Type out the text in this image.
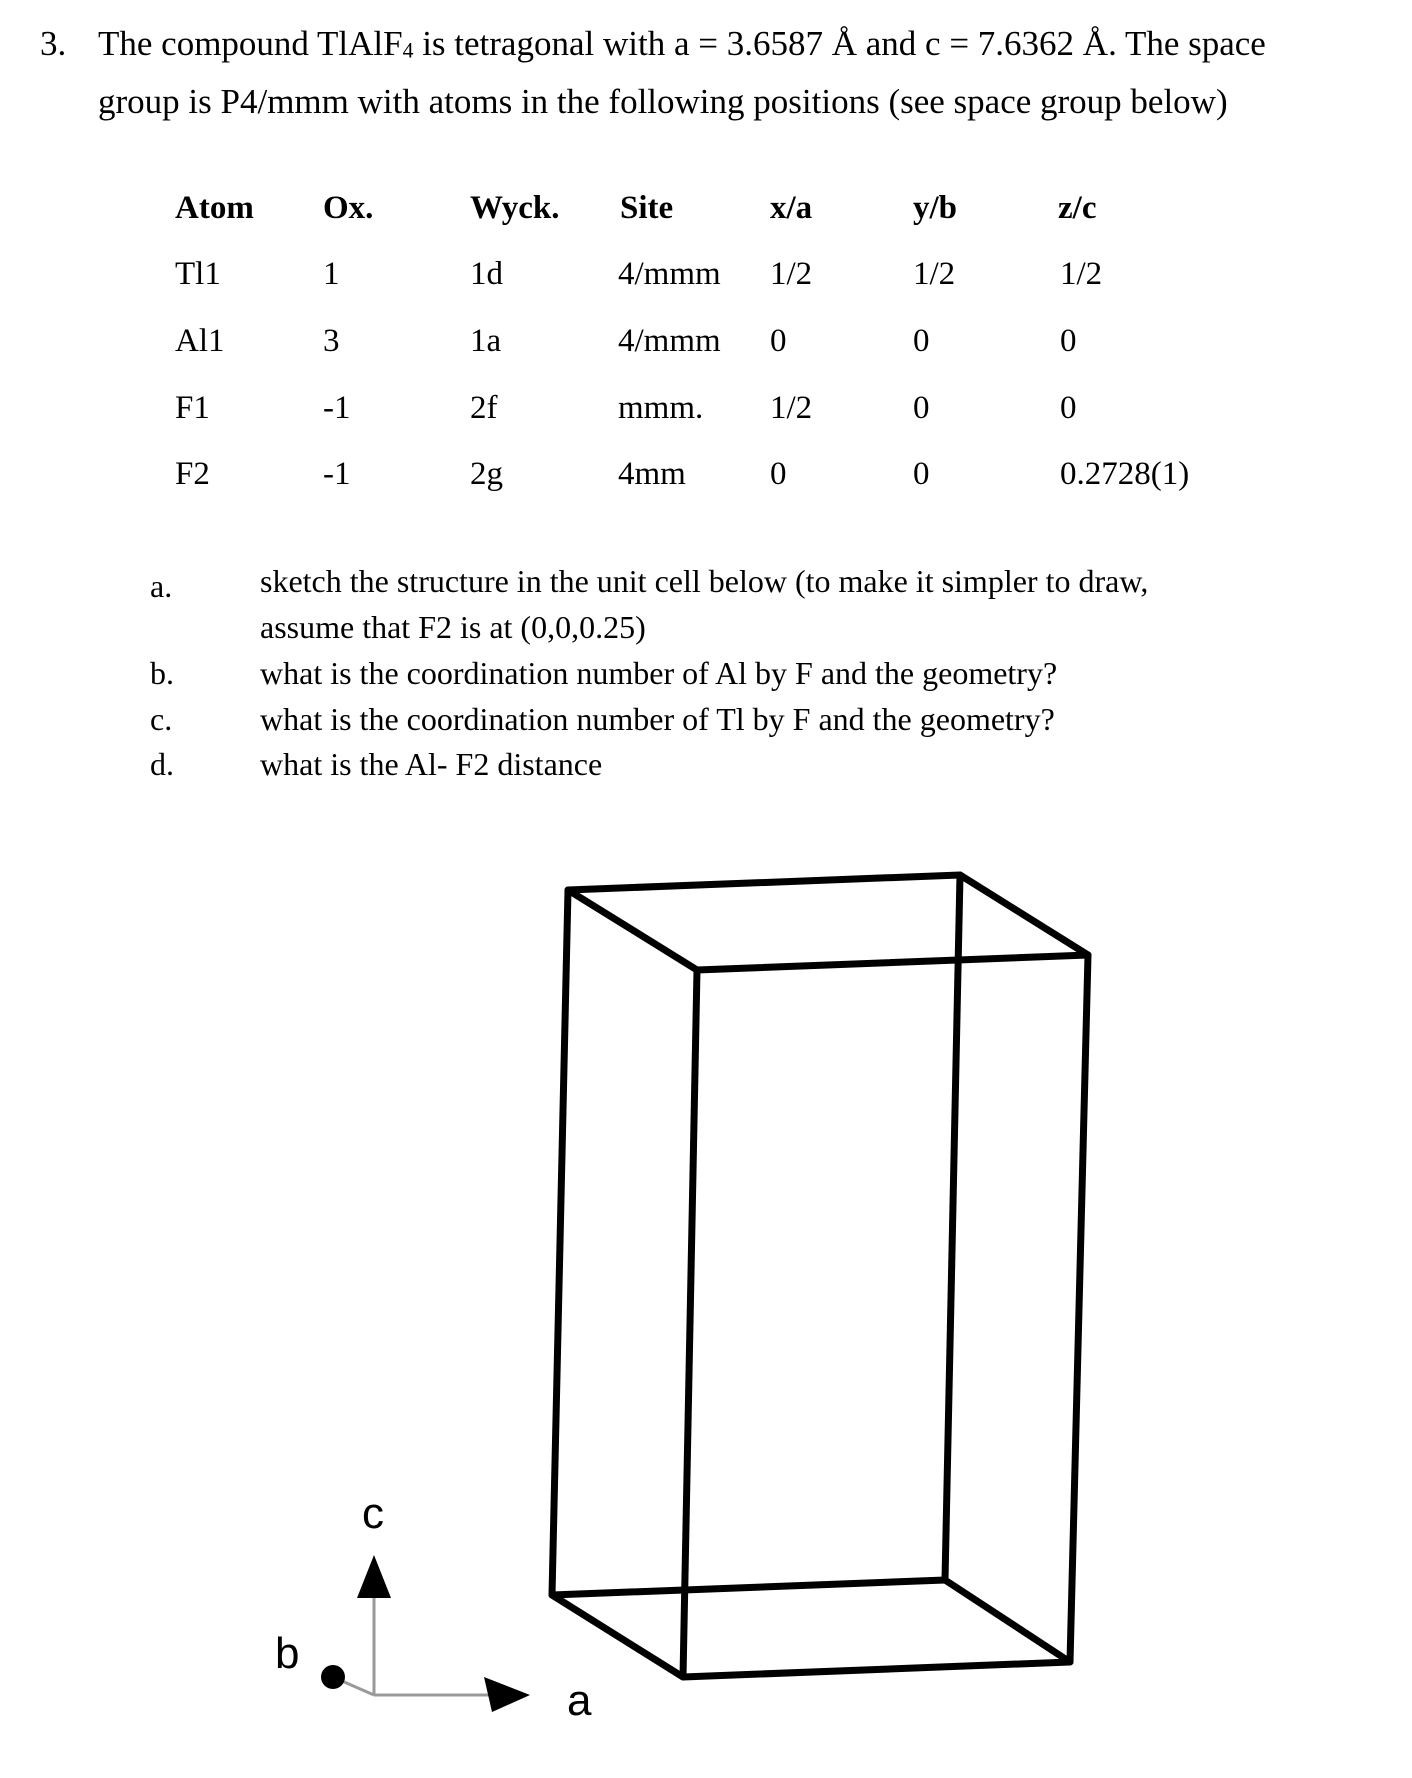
3. The compound TlAlF$_4$ is tetragonal with a = 3.6587 Å and c = 7.6362 Å. The space
group is P4/mmm with atoms in the following positions (see space group below)
Atom Ox.	Wyck. Site	x/a	y/b	z/c
Tl1	1	1d	4/mmm 1/2	1/2	1/2
Al1	3	1a	4/mmm 0	0	0
F1	-1	2f	mmm. 1/2	0	0
F2	-1	2g	4mm	0	0	0.2728(1)
a.	sketch the structure in the unit cell below (to make it simpler to draw,
assume that F2 is at (0,0,0.25)
b.	what is the coordination number of Al by F and the geometry?
c.	what is the coordination number of Tl by F and the geometry?
d.	what is the Al- F2 distance
c
b
a
